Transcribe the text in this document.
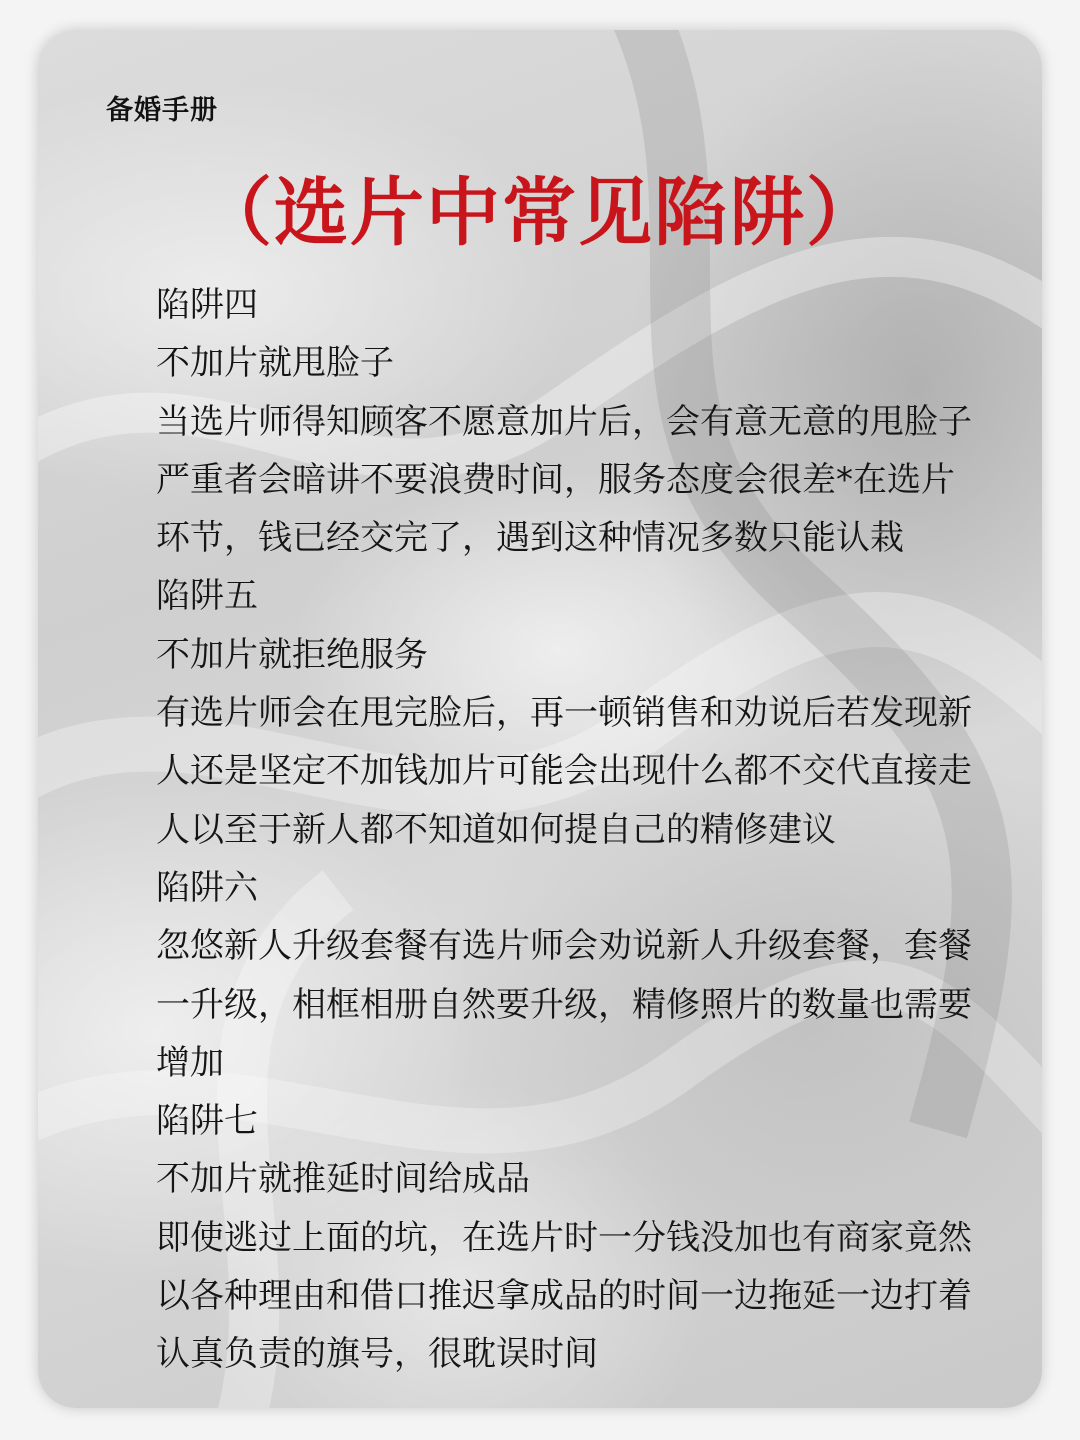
备婚手册

（选片中常见陷阱）
陷阱四
不加片就甩脸子
当选片师得知顾客不愿意加片后，会有意无意的甩脸子
严重者会暗讲不要浪费时间，服务态度会很差*在选片
环节，钱已经交完了，遇到这种情况多数只能认栽
陷阱五
不加片就拒绝服务
有选片师会在甩完脸后，再一顿销售和劝说后若发现新
人还是坚定不加钱加片可能会出现什么都不交代直接走
人以至于新人都不知道如何提自己的精修建议
陷阱六
忽悠新人升级套餐有选片师会劝说新人升级套餐，套餐
一升级，相框相册自然要升级，精修照片的数量也需要
增加
陷阱七
不加片就推延时间给成品
即使逃过上面的坑，在选片时一分钱没加也有商家竟然
以各种理由和借口推迟拿成品的时间一边拖延一边打着
认真负责的旗号，很耽误时间
